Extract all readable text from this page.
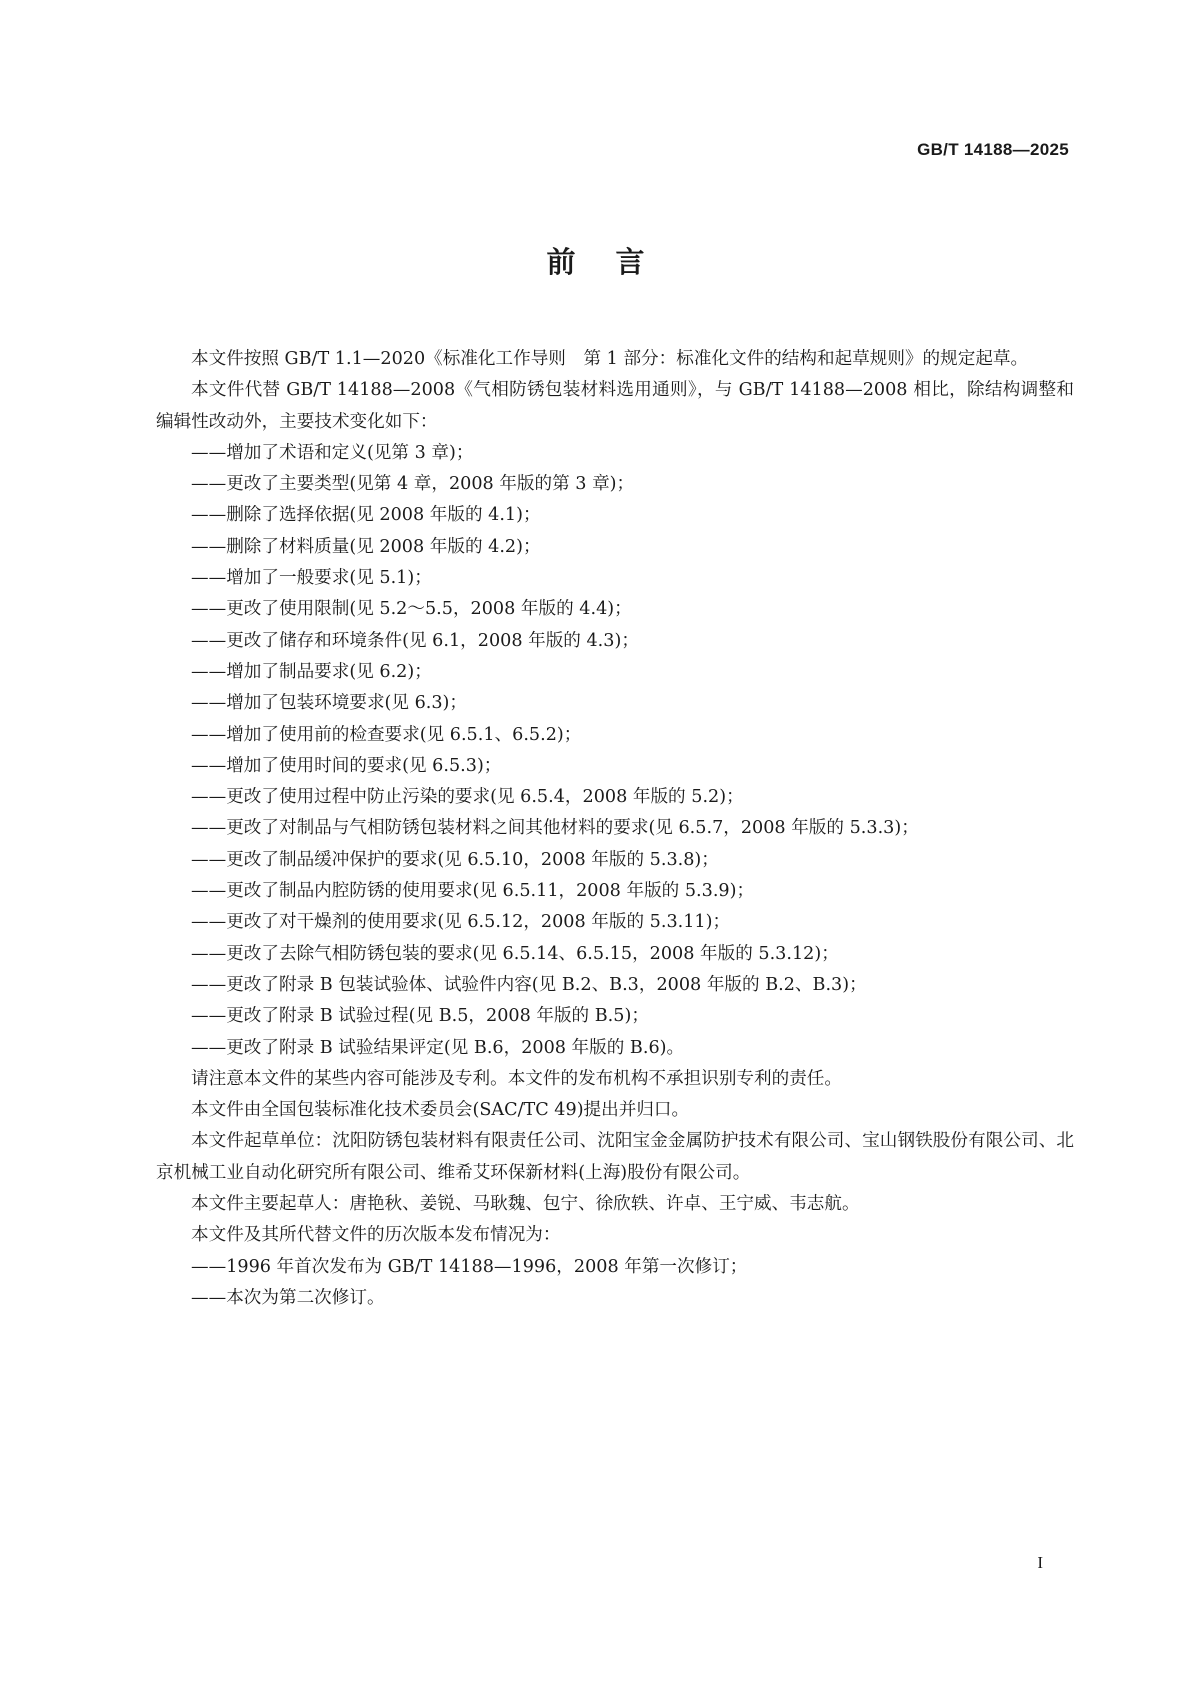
GB/T 14188—2025
前言

本文件按照 GB/T 1.1—2020《标准化工作导则　第 1 部分：标准化文件的结构和起草规则》的规定起草。

本文件代替 GB/T 14188—2008《气相防锈包装材料选用通则》，与 GB/T 14188—2008 相比，除结构调整和编辑性改动外，主要技术变化如下：

——增加了术语和定义(见第 3 章)；

——更改了主要类型(见第 4 章，2008 年版的第 3 章)；

——删除了选择依据(见 2008 年版的 4.1)；

——删除了材料质量(见 2008 年版的 4.2)；

——增加了一般要求(见 5.1)；

——更改了使用限制(见 5.2～5.5，2008 年版的 4.4)；

——更改了储存和环境条件(见 6.1，2008 年版的 4.3)；

——增加了制品要求(见 6.2)；

——增加了包装环境要求(见 6.3)；

——增加了使用前的检查要求(见 6.5.1、6.5.2)；

——增加了使用时间的要求(见 6.5.3)；

——更改了使用过程中防止污染的要求(见 6.5.4，2008 年版的 5.2)；

——更改了对制品与气相防锈包装材料之间其他材料的要求(见 6.5.7，2008 年版的 5.3.3)；

——更改了制品缓冲保护的要求(见 6.5.10，2008 年版的 5.3.8)；

——更改了制品内腔防锈的使用要求(见 6.5.11，2008 年版的 5.3.9)；

——更改了对干燥剂的使用要求(见 6.5.12，2008 年版的 5.3.11)；

——更改了去除气相防锈包装的要求(见 6.5.14、6.5.15，2008 年版的 5.3.12)；

——更改了附录 B 包装试验体、试验件内容(见 B.2、B.3，2008 年版的 B.2、B.3)；

——更改了附录 B 试验过程(见 B.5，2008 年版的 B.5)；

——更改了附录 B 试验结果评定(见 B.6，2008 年版的 B.6)。

请注意本文件的某些内容可能涉及专利。本文件的发布机构不承担识别专利的责任。

本文件由全国包装标准化技术委员会(SAC/TC 49)提出并归口。

本文件起草单位：沈阳防锈包装材料有限责任公司、沈阳宝金金属防护技术有限公司、宝山钢铁股份有限公司、北京机械工业自动化研究所有限公司、维希艾环保新材料(上海)股份有限公司。

本文件主要起草人：唐艳秋、姜锐、马耿魏、包宁、徐欣轶、许卓、王宁威、韦志航。

本文件及其所代替文件的历次版本发布情况为：

——1996 年首次发布为 GB/T 14188—1996，2008 年第一次修订；

——本次为第二次修订。

I
